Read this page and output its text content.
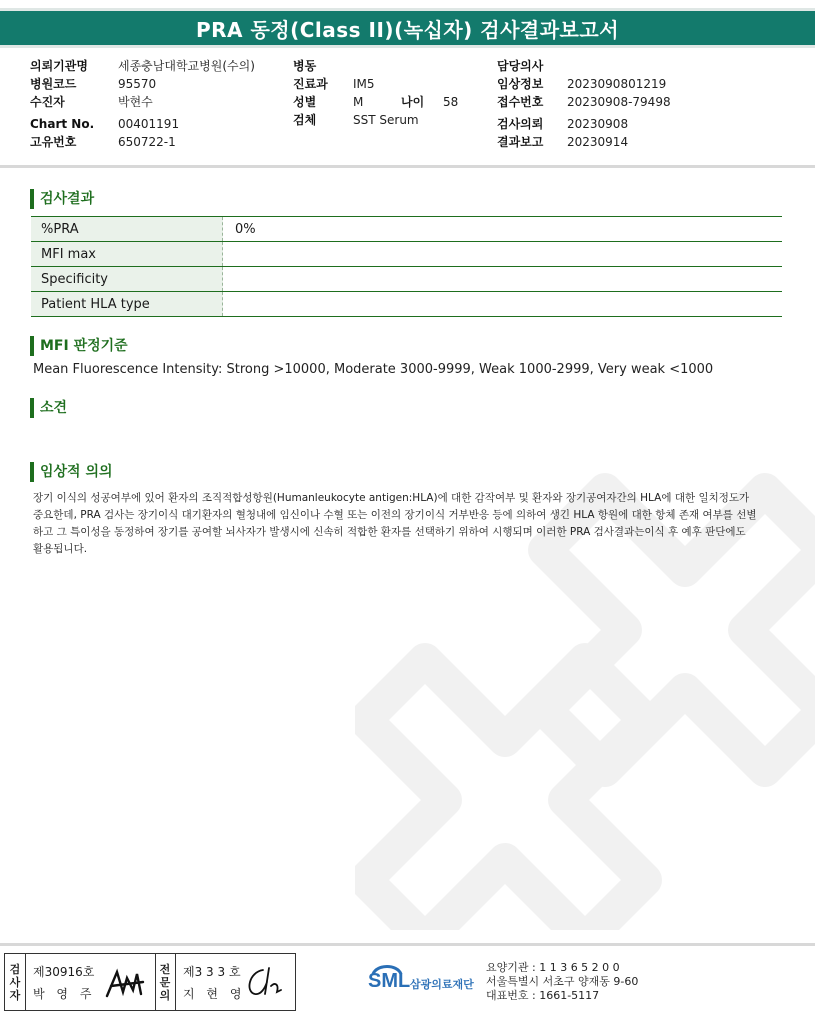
PRA 동정(Class II)(녹십자) 검사결과보고서
의뢰기관명	세종충남대학교병원(수의)
병원코드	95570
수진자	박현수
Chart No.	00401191
고유번호	650722-1
병동
진료과	IM5
성별	M	나이	58
검체	SST Serum
담당의사
임상정보	2023090801219
접수번호	20230908-79498
검사의뢰	20230908
결과보고	20230914
검사결과
%PRA	0%
MFI max	
Specificity	
Patient HLA type	
MFI 판정기준
Mean Fluorescence Intensity: Strong >10000, Moderate 3000-9999, Weak 1000-2999, Very weak <1000
소견
임상적 의의
장기 이식의 성공여부에 있어 환자의 조직적합성항원(Humanleukocyte antigen:HLA)에 대한 감작여부 및 환자와 장기공여자간의 HLA에 대한 일치정도가 중요한데, PRA 검사는 장기이식 대기환자의 혈청내에 임신이나 수혈 또는 이전의 장기이식 거부반응 등에 의하여 생긴 HLA 항원에 대한 항체 존재 여부를 선별하고 그 특이성을 동정하여 장기를 공여할 뇌사자가 발생시에 신속히 적합한 환자를 선택하기 위하여 시행되며 이러한 PRA 검사결과는이식 후 예후 판단에도 활용됩니다.
검
사
자
제30916호
박 영 주
전
문
의
제3 3 3 호
지 현 영
SML 삼광의료재단
요양기관 : 1 1 3 6 5 2 0 0
서울특별시 서초구 양재동 9-60
대표번호 : 1661-5117
